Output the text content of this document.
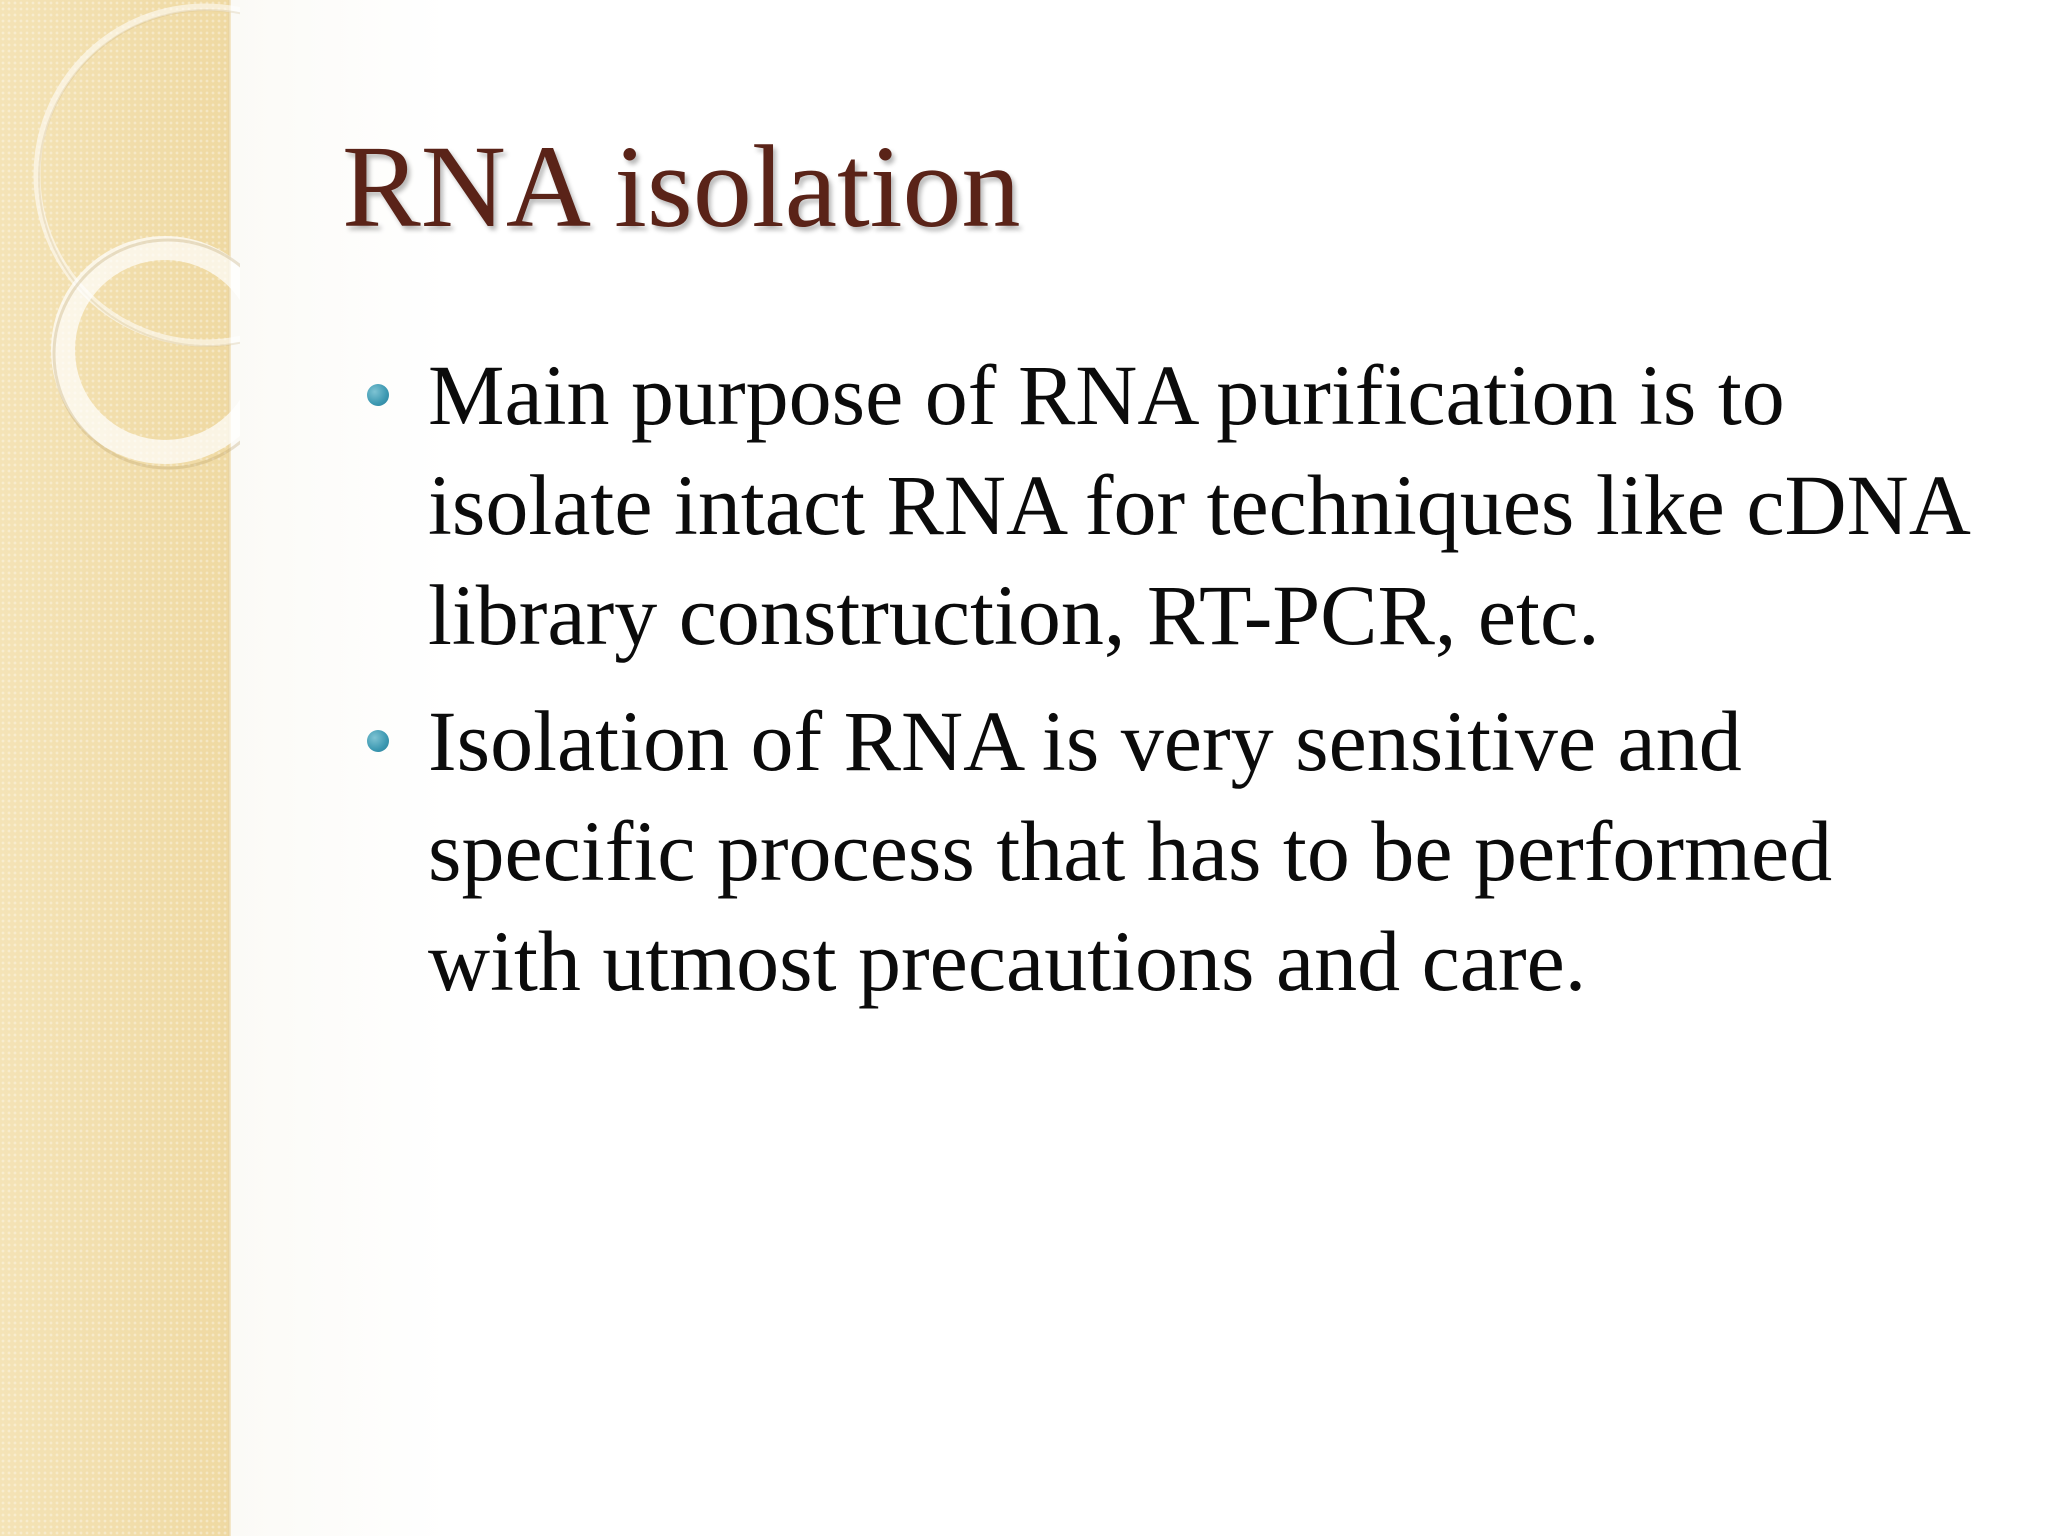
RNA isolation
Main purpose of RNA purification is to isolate intact RNA for techniques like cDNA library construction, RT-PCR, etc.
Isolation of RNA is very sensitive and specific process that has to be performed with utmost precautions and care.
